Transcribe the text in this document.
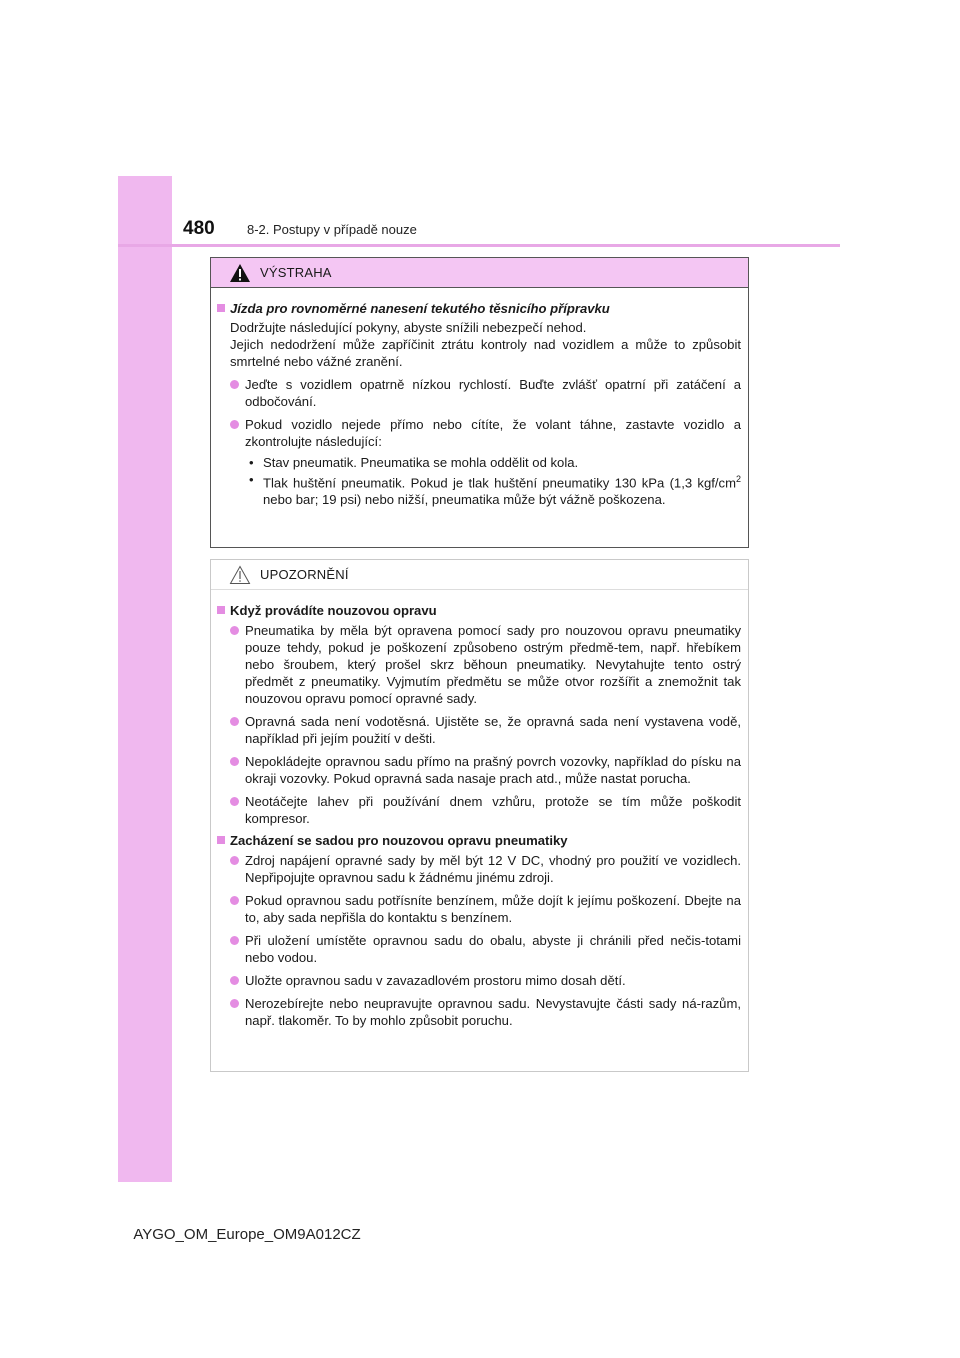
480 8-2. Postupy v případě nouze
VÝSTRAHA
Jízda pro rovnoměrné nanesení tekutého těsnicího přípravku
Dodržujte následující pokyny, abyste snížili nebezpečí nehod.
Jejich nedodržení může zapříčinit ztrátu kontroly nad vozidlem a může to způsobit smrtelné nebo vážné zranění.
Jeďte s vozidlem opatrně nízkou rychlostí. Buďte zvlášť opatrní při zatáčení a odbočování.
Pokud vozidlo nejede přímo nebo cítíte, že volant táhne, zastavte vozidlo a zkontrolujte následující:
• Stav pneumatik. Pneumatika se mohla oddělit od kola.
• Tlak huštění pneumatik. Pokud je tlak huštění pneumatiky 130 kPa (1,3 kgf/$cm^2$ nebo bar; 19 psi) nebo nižší, pneumatika může být vážně poškozena.
UPOZORNĚNÍ
Když provádíte nouzovou opravu
Pneumatika by měla být opravena pomocí sady pro nouzovou opravu pneumatiky pouze tehdy, pokud je poškození způsobeno ostrým předmě-tem, např. hřebíkem nebo šroubem, který prošel skrz běhoun pneumatiky. Nevytahujte tento ostrý předmět z pneumatiky. Vyjmutím předmětu se může otvor rozšířit a znemožnit tak nouzovou opravu pomocí opravné sady.
Opravná sada není vodotěsná. Ujistěte se, že opravná sada není vystavena vodě, například při jejím použití v dešti.
Nepokládejte opravnou sadu přímo na prašný povrch vozovky, například do písku na okraji vozovky. Pokud opravná sada nasaje prach atd., může nastat porucha.
Neotáčejte lahev při používání dnem vzhůru, protože se tím může poškodit kompresor.
Zacházení se sadou pro nouzovou opravu pneumatiky
Zdroj napájení opravné sady by měl být 12 V DC, vhodný pro použití ve vozidlech. Nepřipojujte opravnou sadu k žádnému jinému zdroji.
Pokud opravnou sadu potřísníte benzínem, může dojít k jejímu poškození. Dbejte na to, aby sada nepřišla do kontaktu s benzínem.
Při uložení umístěte opravnou sadu do obalu, abyste ji chránili před nečis-totami nebo vodou.
Uložte opravnou sadu v zavazadlovém prostoru mimo dosah dětí.
Nerozebírejte nebo neupravujte opravnou sadu. Nevystavujte části sady ná-razům, např. tlakoměr. To by mohlo způsobit poruchu.
AYGO_OM_Europe_OM9A012CZ
